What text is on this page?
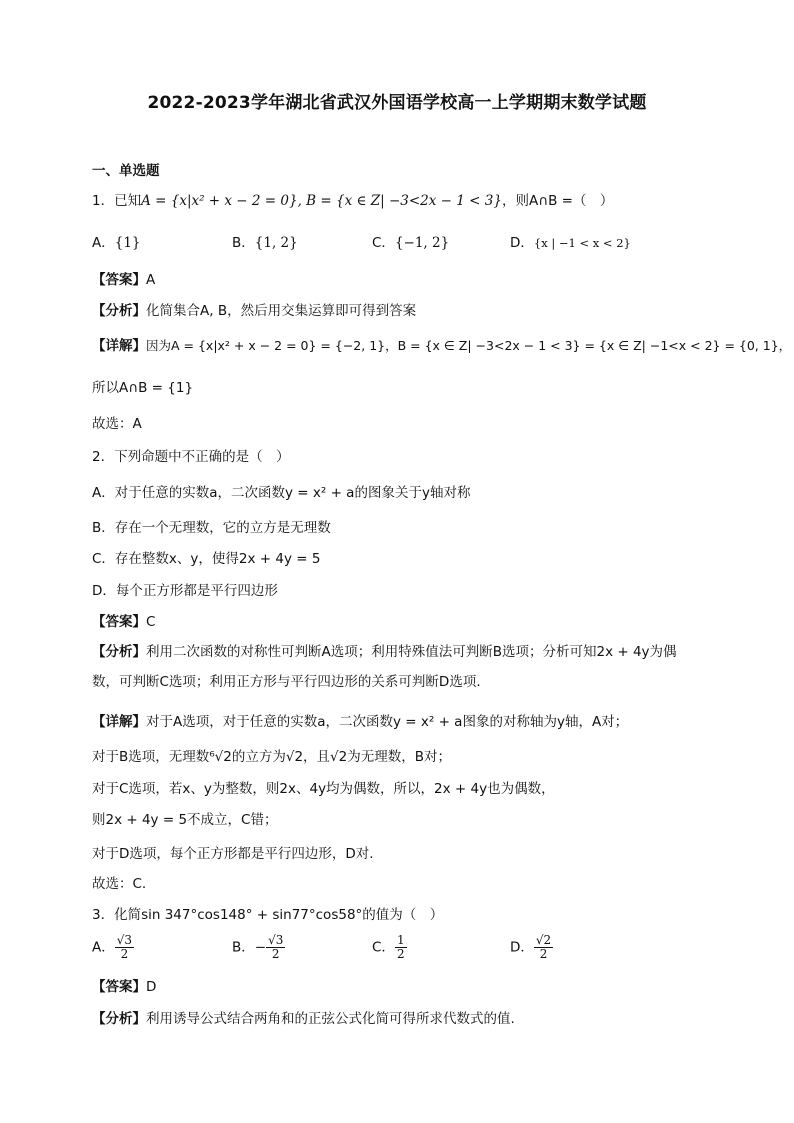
2022-2023学年湖北省武汉外国语学校高一上学期期末数学试题
一、单选题
1．已知A = {x|x² + x − 2 = 0}, B = {x ∈ Z| −3<2x − 1 < 3}，则A∩B =（　）
A．{1}	B．{1, 2}	C．{−1, 2}	D．{x | −1 < x < 2}
【答案】A
【分析】化简集合A, B，然后用交集运算即可得到答案
【详解】因为A = {x|x² + x − 2 = 0} = {−2, 1}，B = {x ∈ Z| −3<2x − 1 < 3} = {x ∈ Z| −1<x < 2} = {0, 1}，
所以A∩B = {1}
故选：A
2．下列命题中不正确的是（　）
A．对于任意的实数a，二次函数y = x² + a的图象关于y轴对称
B．存在一个无理数，它的立方是无理数
C．存在整数x、y，使得2x + 4y = 5
D．每个正方形都是平行四边形
【答案】C
【分析】利用二次函数的对称性可判断A选项；利用特殊值法可判断B选项；分析可知2x + 4y为偶数，可判断C选项；利用正方形与平行四边形的关系可判断D选项.
【详解】对于A选项，对于任意的实数a，二次函数y = x² + a图象的对称轴为y轴，A对；
对于B选项，无理数⁶√2的立方为√2，且√2为无理数，B对；
对于C选项，若x、y为整数，则2x、4y均为偶数，所以，2x + 4y也为偶数，
则2x + 4y = 5不成立，C错；
对于D选项，每个正方形都是平行四边形，D对.
故选：C.
3．化简sin 347°cos148° + sin77°cos58°的值为（　）
A． $\frac{√3}{2}$	B．− $\frac{√3}{2}$	C． $\frac{1}{2}$	D． $\frac{√2}{2}$
【答案】D
【分析】利用诱导公式结合两角和的正弦公式化简可得所求代数式的值.
